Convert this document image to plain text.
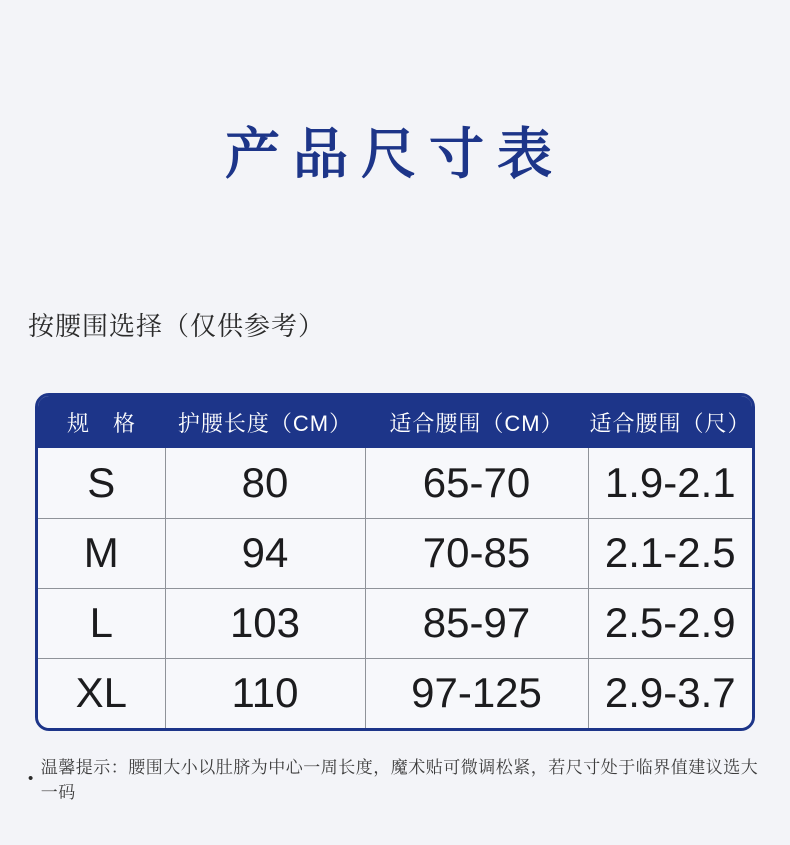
产品尺寸表
按腰围选择（仅供参考）
规　格	护腰长度（CM）	适合腰围（CM）	适合腰围（尺）
S	80	65-70	1.9-2.1
M	94	70-85	2.1-2.5
L	103	85-97	2.5-2.9
XL	110	97-125	2.9-3.7
•
温馨提示：腰围大小以肚脐为中心一周长度，魔术贴可微调松紧，若尺寸处于临界值建议选大一码
